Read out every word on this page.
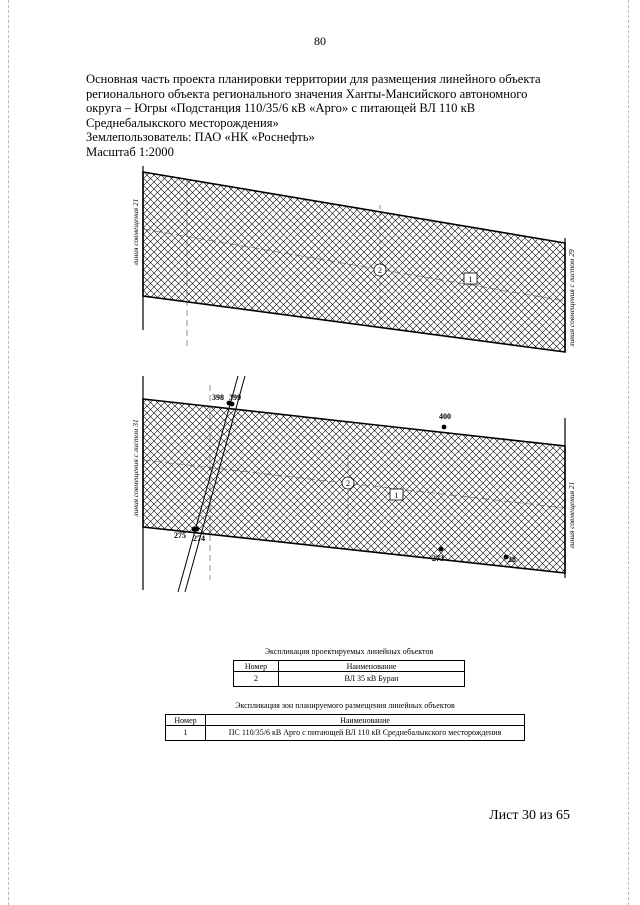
80
Основная часть проекта планировки территории для размещения линейного объекта
регионального объекта регионального значения Ханты-Мансийского автономного
округа – Югры «Подстанция 110/35/6 кВ «Арго» с питающей ВЛ 110 кВ
Среднебалыкского месторождения»
Землепользователь: ПАО «НК «Роснефть»
Масштаб 1:2000
2
1
линия совмещения 21
линия совмещения с листом 29
398 399
400
275 274
273	28
2
1
линия совмещения с листом 31	линия совмещения 21
Экспликация проектируемых линейных объектов
Номер	Наименование
2	ВЛ 35 кВ Буран
Экспликация зон планируемого размещения линейных объектов
Номер	Наименование
1	ПС 110/35/6 кВ Арго с питающей ВЛ 110 кВ Среднебалыкского месторождения
Лист 30 из 65
